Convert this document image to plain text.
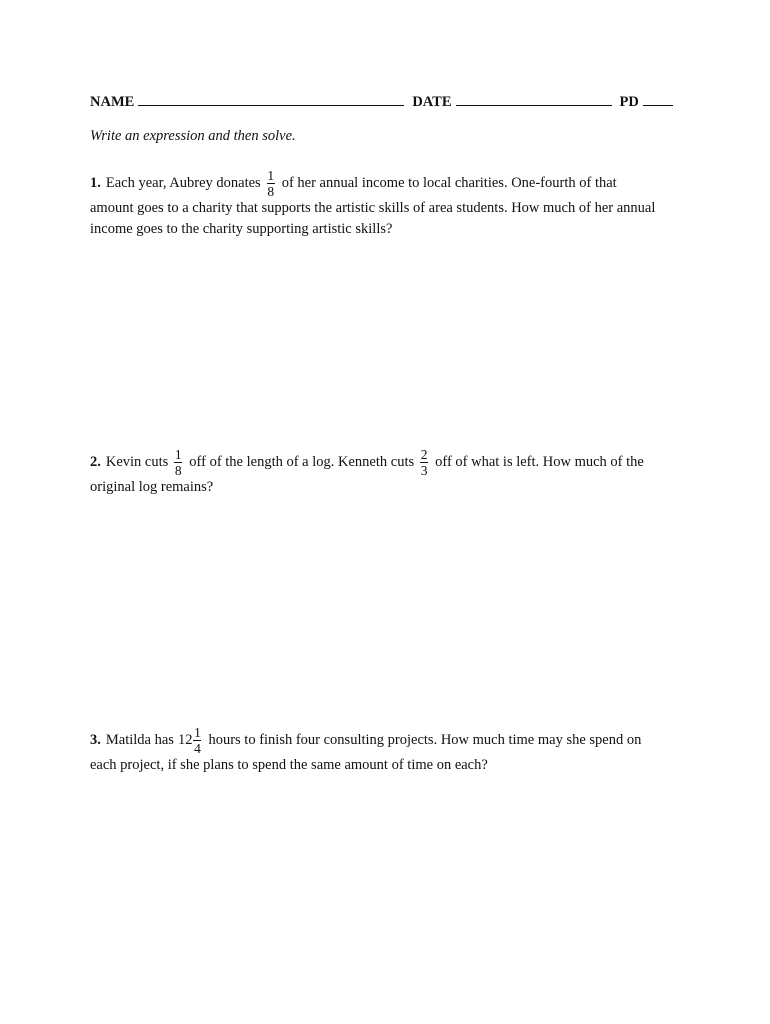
NAME	DATE	PD
Write an expression and then solve.
1. Each year, Aubrey donates $\frac{1}{8}$ of her annual income to local charities. One-fourth of that
amount goes to a charity that supports the artistic skills of area students. How much of her annual
income goes to the charity supporting artistic skills?
2. Kevin cuts $\frac{1}{8}$ off of the length of a log. Kenneth cuts $\frac{2}{3}$ off of what is left. How much of the
original log remains?
3. Matilda has $12 \frac{1}{4}$ hours to finish four consulting projects. How much time may she spend on
each project, if she plans to spend the same amount of time on each?
